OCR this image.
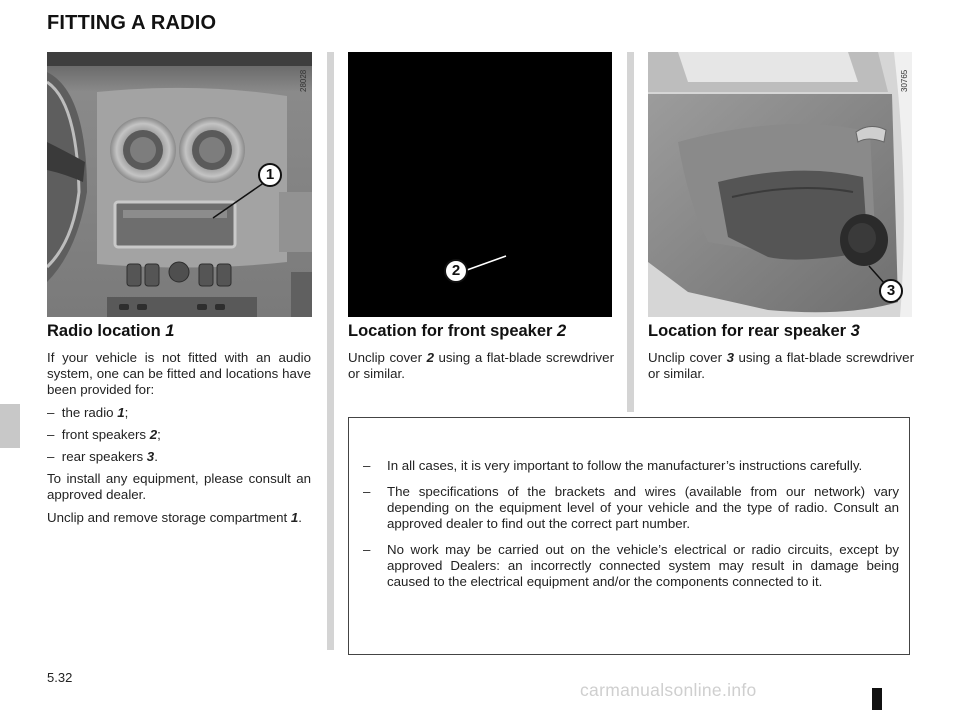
FITTING A RADIO
1
28028
2
3
30765
Radio location 1

If your vehicle is not fitted with an audio system, one can be fitted and locations have been provided for:

– the radio 1;
– front speakers 2;
– rear speakers 3.

To install any equipment, please consult an approved dealer.

Unclip and remove storage compartment 1.

Location for front speaker 2

Unclip cover 2 using a flat-blade screwdriver or similar.

Location for rear speaker 3

Unclip cover 3 using a flat-blade screwdriver or similar.

– In all cases, it is very important to follow the manufacturer’s instructions carefully.
– The specifications of the brackets and wires (available from our network) vary depending on the equipment level of your vehicle and the type of radio. Consult an approved dealer to find out the correct part number.
– No work may be carried out on the vehicle’s electrical or radio circuits, except by approved Dealers: an incorrectly connected system may result in damage being caused to the electrical equipment and/or the components connected to it.
5.32
carmanualsonline.info
